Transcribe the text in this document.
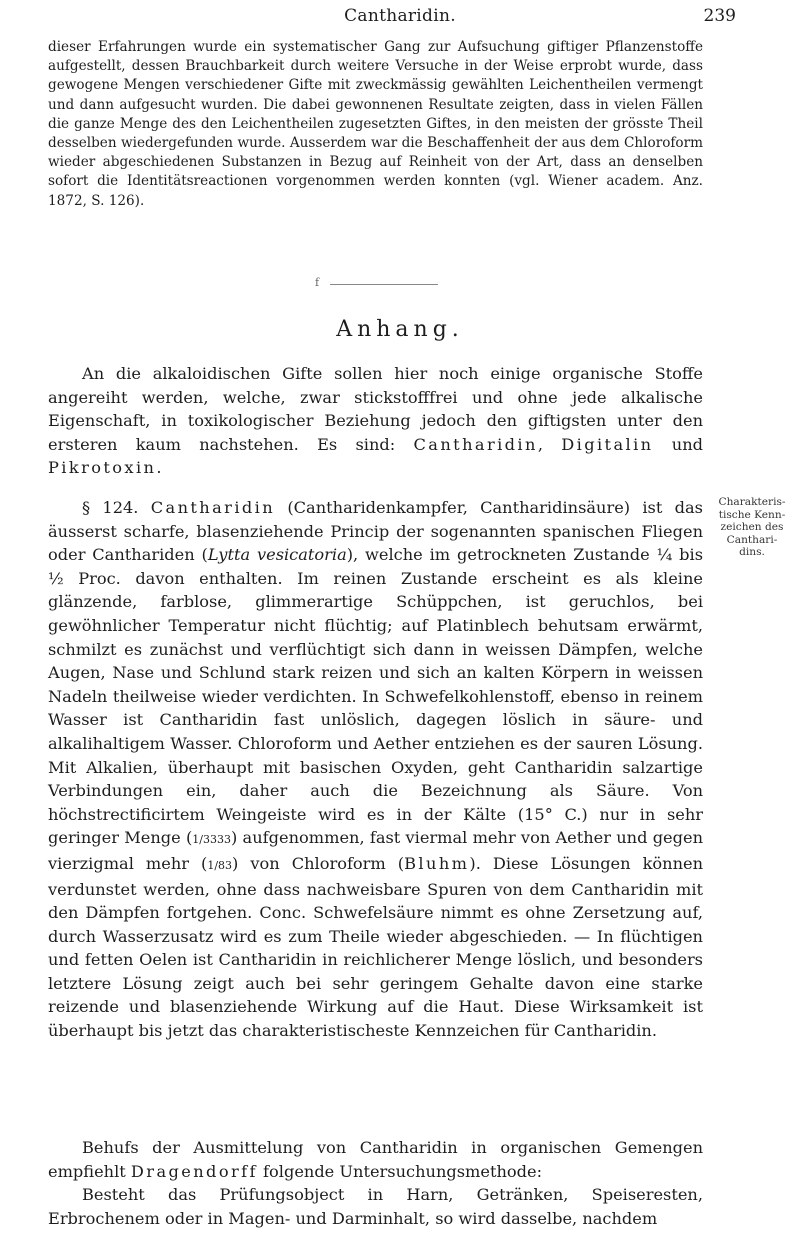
Cantharidin.	239

dieser Erfahrungen wurde ein systematischer Gang zur Aufsuchung giftiger Pflanzenstoffe aufgestellt, dessen Brauchbarkeit durch weitere Versuche in der Weise erprobt wurde, dass gewogene Mengen verschiedener Gifte mit zweckmässig gewählten Leichentheilen vermengt und dann aufgesucht wurden. Die dabei gewonnenen Resultate zeigten, dass in vielen Fällen die ganze Menge des den Leichentheilen zugesetzten Giftes, in den meisten der grösste Theil desselben wiedergefunden wurde. Ausserdem war die Beschaffenheit der aus dem Chloroform wieder abgeschiedenen Substanzen in Bezug auf Reinheit von der Art, dass an denselben sofort die Identitätsreactionen vorgenommen werden konnten (vgl. Wiener academ. Anz. 1872, S. 126).

f
Anhang.

An die alkaloidischen Gifte sollen hier noch einige organische Stoffe angereiht werden, welche, zwar stickstofffrei und ohne jede alkalische Eigenschaft, in toxikologischer Beziehung jedoch den giftigsten unter den ersteren kaum nachstehen. Es sind: Cantharidin, Digitalin und Pikrotoxin.

§ 124. Cantharidin (Cantharidenkampfer, Cantharidinsäure) ist das äusserst scharfe, blasenziehende Princip der sogenannten spanischen Fliegen oder Canthariden (Lytta vesicatoria), welche im getrockneten Zustande ¼ bis ½ Proc. davon enthalten. Im reinen Zustande erscheint es als kleine glänzende, farblose, glimmerartige Schüppchen, ist geruchlos, bei gewöhnlicher Temperatur nicht flüchtig; auf Platinblech behutsam erwärmt, schmilzt es zunächst und verflüchtigt sich dann in weissen Dämpfen, welche Augen, Nase und Schlund stark reizen und sich an kalten Körpern in weissen Nadeln theilweise wieder verdichten. In Schwefelkohlenstoff, ebenso in reinem Wasser ist Cantharidin fast unlöslich, dagegen löslich in säure- und alkalihaltigem Wasser. Chloroform und Aether entziehen es der sauren Lösung. Mit Alkalien, überhaupt mit basischen Oxyden, geht Cantharidin salzartige Verbindungen ein, daher auch die Bezeichnung als Säure. Von höchstrectificirtem Weingeiste wird es in der Kälte (15° C.) nur in sehr geringer Menge (1/3333) aufgenommen, fast viermal mehr von Aether und gegen vierzigmal mehr (1/83) von Chloroform (Bluhm). Diese Lösungen können verdunstet werden, ohne dass nachweisbare Spuren von dem Cantharidin mit den Dämpfen fortgehen. Conc. Schwefelsäure nimmt es ohne Zersetzung auf, durch Wasserzusatz wird es zum Theile wieder abgeschieden. — In flüchtigen und fetten Oelen ist Cantharidin in reichlicherer Menge löslich, und besonders letztere Lösung zeigt auch bei sehr geringem Gehalte davon eine starke reizende und blasenziehende Wirkung auf die Haut. Diese Wirksamkeit ist überhaupt bis jetzt das charakteristischeste Kennzeichen für Cantharidin.

Charakteris-
tische Kenn-
zeichen des
Canthari-
dins.

Behufs der Ausmittelung von Cantharidin in organischen Gemengen empfiehlt Dragendorff folgende Untersuchungsmethode:

Besteht das Prüfungsobject in Harn, Getränken, Speiseresten, Erbrochenem oder in Magen- und Darminhalt, so wird dasselbe, nachdem
